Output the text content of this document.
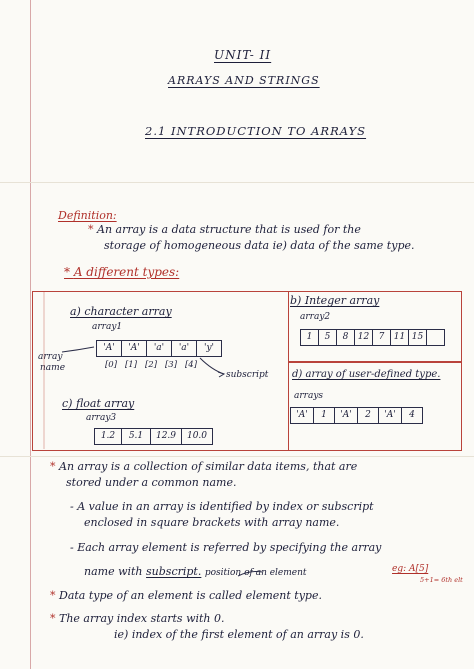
UNIT- II
ARRAYS AND STRINGS
2.1 INTRODUCTION TO ARRAYS
Definition:
* An array is a data structure that is used for the
storage of homogeneous data ie) data of the same type.
* A different types:
a) character array
array1
array
name
'A'	'A'	'a'	'a'	'y'
[0] [1] [2] [3] [4]
subscript
b) Integer array
array2
1	5	8	12	7	11 15
c) float array
array3
1.2	5.1	12.9	10.0
d) array of user-defined type.
arrays
'A'	1	'A'	2	'A'	4
* An array is a collection of similar data items, that are
stored under a common name.
- A value in an array is identified by index or subscript
enclosed in square brackets with array name.
- Each array element is referred by specifying the array
name with subscript. position of an element	eg: A[5]
5+1= 6th elt
* Data type of an element is called element type.
* The array index starts with 0.
ie) index of the first element of an array is 0.
